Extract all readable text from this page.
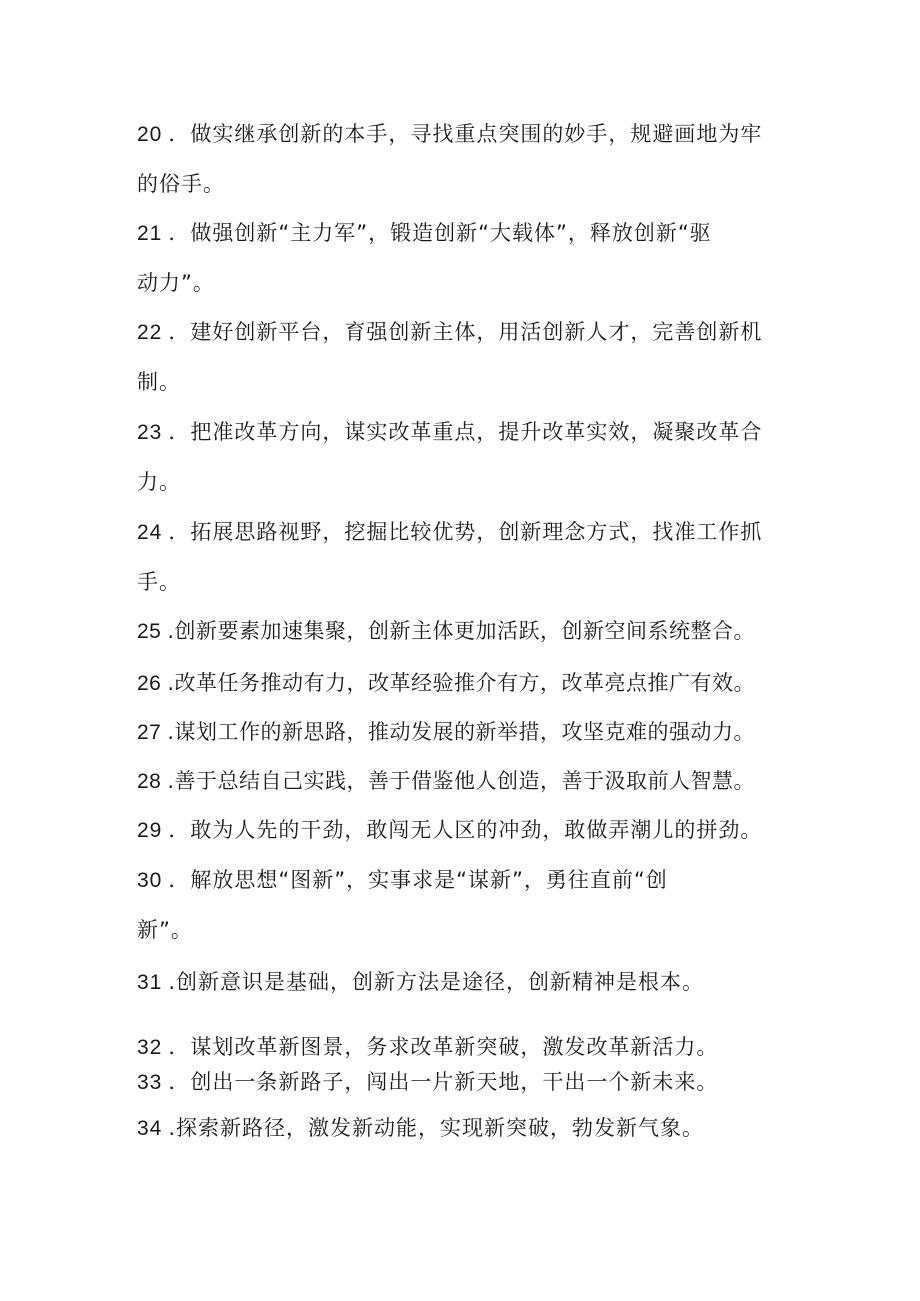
20 ．做实继承创新的本手，寻找重点突围的妙手，规避画地为牢
的俗手。
21 ．做强创新“主力军”，锻造创新“大载体”，释放创新“驱
动力”。
22 ．建好创新平台，育强创新主体，用活创新人才，完善创新机
制。
23 ．把准改革方向，谋实改革重点，提升改革实效，凝聚改革合
力。
24 ．拓展思路视野，挖掘比较优势，创新理念方式，找准工作抓
手。
25 .创新要素加速集聚，创新主体更加活跃，创新空间系统整合。
26 .改革任务推动有力，改革经验推介有方，改革亮点推广有效。
27 .谋划工作的新思路，推动发展的新举措，攻坚克难的强动力。
28 .善于总结自己实践，善于借鉴他人创造，善于汲取前人智慧。
29 ．敢为人先的干劲，敢闯无人区的冲劲，敢做弄潮儿的拼劲。
30 ．解放思想“图新”，实事求是“谋新”，勇往直前“创
新”。
31 .创新意识是基础，创新方法是途径，创新精神是根本。
32 ．谋划改革新图景，务求改革新突破，激发改革新活力。
33 ．创出一条新路子，闯出一片新天地，干出一个新未来。
34 .探索新路径，激发新动能，实现新突破，勃发新气象。
